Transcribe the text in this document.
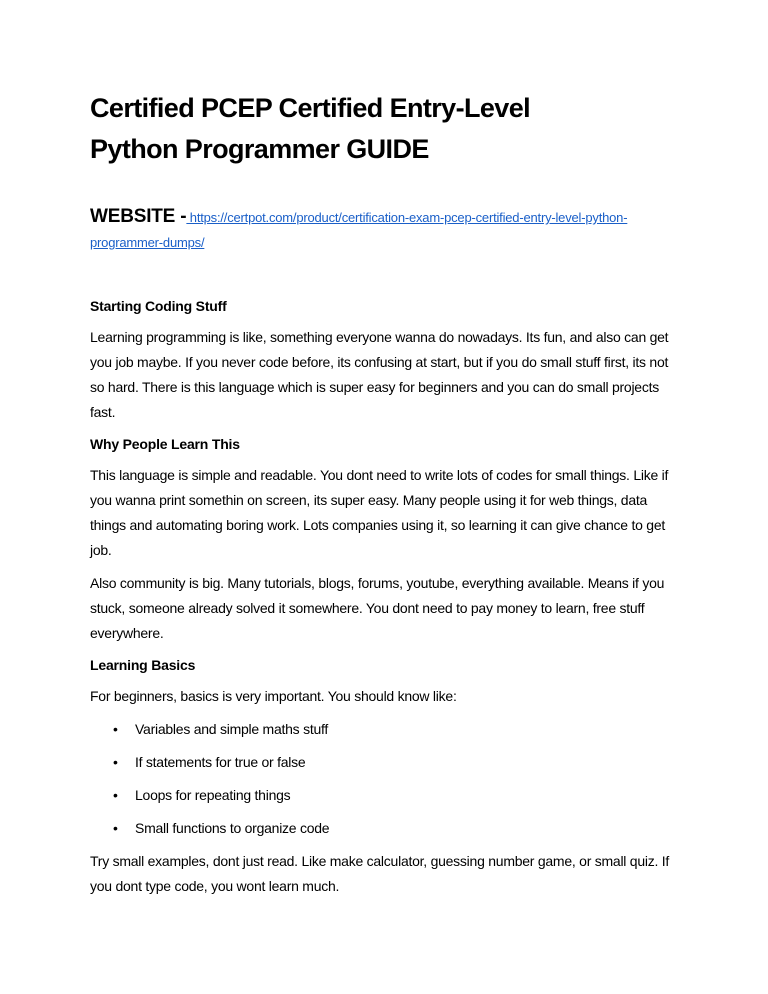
Certified PCEP Certified Entry-Level Python Programmer GUIDE
WEBSITE - https://certpot.com/product/certification-exam-pcep-certified-entry-level-python-programmer-dumps/
Starting Coding Stuff

Learning programming is like, something everyone wanna do nowadays. Its fun, and also can get you job maybe. If you never code before, its confusing at start, but if you do small stuff first, its not so hard. There is this language which is super easy for beginners and you can do small projects fast.

Why People Learn This

This language is simple and readable. You dont need to write lots of codes for small things. Like if you wanna print somethin on screen, its super easy. Many people using it for web things, data things and automating boring work. Lots companies using it, so learning it can give chance to get job.

Also community is big. Many tutorials, blogs, forums, youtube, everything available. Means if you stuck, someone already solved it somewhere. You dont need to pay money to learn, free stuff everywhere.

Learning Basics

For beginners, basics is very important. You should know like:

• Variables and simple maths stuff
• If statements for true or false
• Loops for repeating things
• Small functions to organize code

Try small examples, dont just read. Like make calculator, guessing number game, or small quiz. If you dont type code, you wont learn much.
